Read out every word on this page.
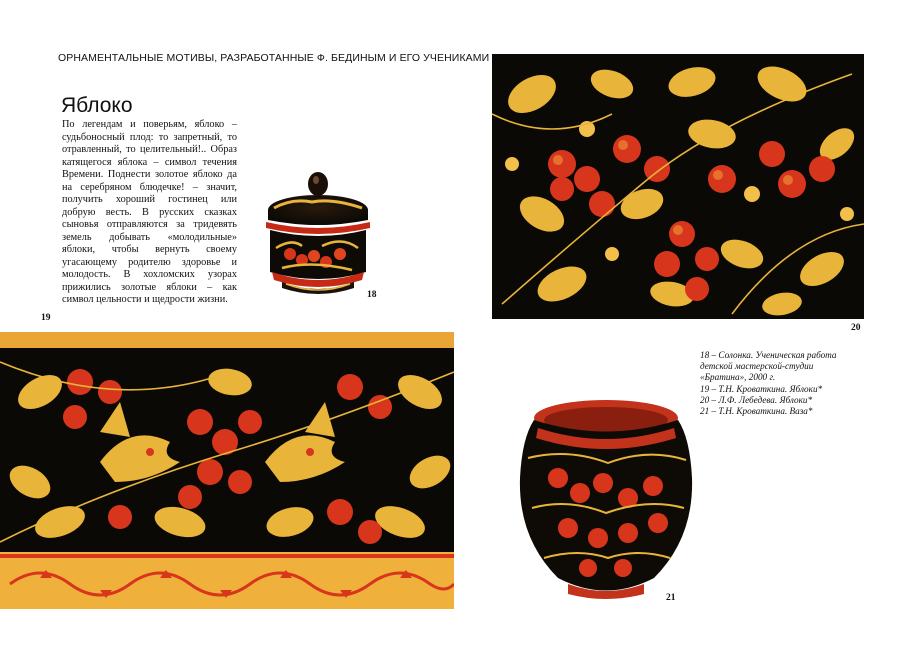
ОРНАМЕНТАЛЬНЫЕ МОТИВЫ, РАЗРАБОТАННЫЕ Ф. БЕДИНЫМ И ЕГО УЧЕНИКАМИ
Яблоко
По легендам и поверьям, яблоко – судьбоносный плод: то запретный, то отравленный, то целительный!.. Образ катящегося яблока – символ течения Времени. Поднести золотое яблоко да на серебряном блюдечке! – значит, получить хороший гостинец или добрую весть. В русских сказках сыновья отправляются за тридевять земель добывать «молодильные» яблоки, чтобы вернуть своему угасающему родителю здоровье и молодость. В хохломских узорах прижились золотые яблоки – как символ цельности и щедрости жизни.	18
19
20
21
18 – Солонка. Ученическая работа детской мастерской-студии «Братина», 2000 г.
19 – Т.Н. Кроваткина. Яблоки*
20 – Л.Ф. Лебедева. Яблоки*
21 – Т.Н. Кроваткина. Ваза*
